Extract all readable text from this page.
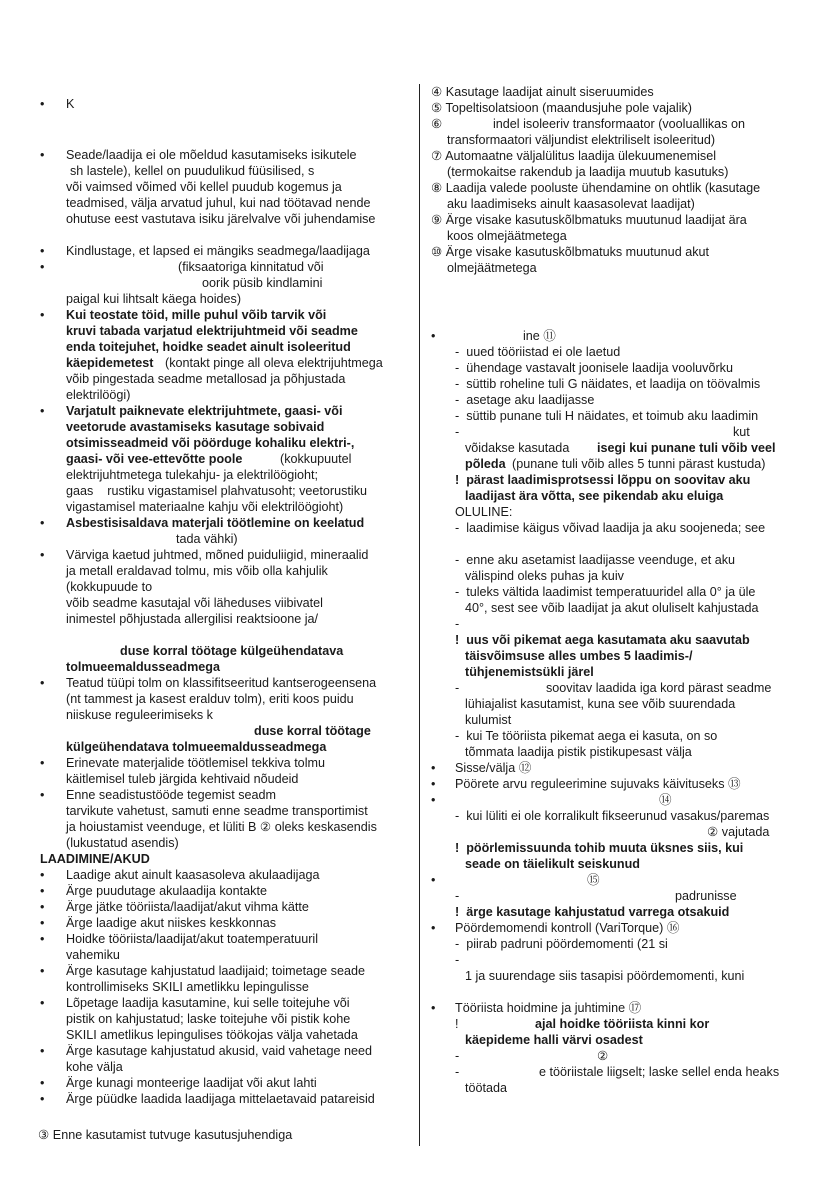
• K
• Seade/laadija ei ole mõeldud kasutamiseks isikutele
sh lastele), kellel on puudulikud füüsilised, s
või vaimsed võimed või kellel puudub kogemus ja
teadmised, välja arvatud juhul, kui nad töötavad nende
ohutuse eest vastutava isiku järelvalve või juhendamise
• Kindlustage, et lapsed ei mängiks seadmega/laadijaga
•	(fiksaatoriga kinnitatud või
oorik püsib kindlamini
paigal kui lihtsalt käega hoides)
• Kui teostate töid, mille puhul võib tarvik või
kruvi tabada varjatud elektrijuhtmeid või seadme
enda toitejuhet, hoidke seadet ainult isoleeritud
käepidemetest (kontakt pinge all oleva elektrijuhtmega
võib pingestada seadme metallosad ja põhjustada
elektrilöögi)
• Varjatult paiknevate elektrijuhtmete, gaasi- või
veetorude avastamiseks kasutage sobivaid
otsimisseadmeid või pöörduge kohaliku elektri-,
gaasi- või vee-ettevõtte poole	(kokkupuutel
elektrijuhtmetega tulekahju- ja elektrilöögioht;
gaas    rustiku vigastamisel plahvatusoht; veetorustiku
vigastamisel materiaalne kahju või elektrilöögioht)
• Asbestisisaldava materjali töötlemine on keelatud
tada vähki)
• Värviga kaetud juhtmed, mõned puiduliigid, mineraalid
ja metall eraldavad tolmu, mis võib olla kahjulik
(kokkupuude to
võib seadme kasutajal või läheduses viibivatel
inimestel põhjustada allergilisi reaktsioone ja/
duse korral töötage külgeühendatava
tolmueemaldusseadmega
• Teatud tüüpi tolm on klassifitseeritud kantserogeensena
(nt tammest ja kasest eralduv tolm), eriti koos puidu
niiskuse reguleerimiseks k
duse korral töötage
külgeühendatava tolmueemaldusseadmega
• Erinevate materjalide töötlemisel tekkiva tolmu
käitlemisel tuleb järgida kehtivaid nõudeid
• Enne seadistustööde tegemist seadm
tarvikute vahetust, samuti enne seadme transportimist
ja hoiustamist veenduge, et lüliti B ② oleks keskasendis
(lukustatud asendis)
LAADIMINE/AKUD
• Laadige akut ainult kaasasoleva akulaadijaga
• Ärge puudutage akulaadija kontakte
• Ärge jätke tööriista/laadijat/akut vihma kätte
• Ärge laadige akut niiskes keskkonnas
• Hoidke tööriista/laadijat/akut toatemperatuuril
vahemiku
• Ärge kasutage kahjustatud laadijaid; toimetage seade
kontrollimiseks SKILI ametlikku lepingulisse
• Lõpetage laadija kasutamine, kui selle toitejuhe või
pistik on kahjustatud; laske toitejuhe või pistik kohe
SKILI ametlikus lepingulises töökojas välja vahetada
• Ärge kasutage kahjustatud akusid, vaid vahetage need
kohe välja
• Ärge kunagi monteerige laadijat või akut lahti
• Ärge püüdke laadida laadijaga mittelaetavaid patareisid
③ Enne kasutamist tutvuge kasutusjuhendiga
④ Kasutage laadijat ainult siseruumides
⑤ Topeltisolatsioon (maandusjuhe pole vajalik)
⑥	indel isoleeriv transformaator (vooluallikas on
transformaatori väljundist elektriliselt isoleeritud)
⑦ Automaatne väljalülitus laadija ülekuumenemisel
(termokaitse rakendub ja laadija muutub kasutuks)
⑧ Laadija valede pooluste ühendamine on ohtlik (kasutage
aku laadimiseks ainult kaasasolevat laadijat)
⑨ Ärge visake kasutuskõlbmatuks muutunud laadijat ära
koos olmejäätmetega
⑩ Ärge visake kasutuskõlbmatuks muutunud akut
olmejäätmetega
•	ine ⑪
-  uued tööriistad ei ole laetud
-  ühendage vastavalt joonisele laadija vooluvõrku
-  süttib roheline tuli G näidates, et laadija on töövalmis
-  asetage aku laadijasse
-  süttib punane tuli H näidates, et toimub aku laadimin
-	kut
võidakse kasutada isegi kui punane tuli võib veel
põleda (punane tuli võib alles 5 tunni pärast kustuda)
!  pärast laadimisprotsessi lõppu on soovitav aku
laadijast ära võtta, see pikendab aku eluiga
OLULINE:
-  laadimise käigus võivad laadija ja aku soojeneda; see
-  enne aku asetamist laadijasse veenduge, et aku
välispind oleks puhas ja kuiv
-  tuleks vältida laadimist temperatuuridel alla 0° ja üle
40°, sest see võib laadijat ja akut oluliselt kahjustada
-
!  uus või pikemat aega kasutamata aku saavutab
täisvõimsuse alles umbes 5 laadimis-/
tühjenemistsükli järel
-	soovitav laadida iga kord pärast seadme
lühiajalist kasutamist, kuna see võib suurendada
kulumist
-  kui Te tööriista pikemat aega ei kasuta, on so
tõmmata laadija pistik pistikupesast välja
• Sisse/välja ⑫
• Pöörete arvu reguleerimine sujuvaks käivituseks ⑬
•	⑭
-  kui lüliti ei ole korralikult fikseerunud vasakus/paremas
② vajutada
!  pöörlemissuunda tohib muuta üksnes siis, kui
seade on täielikult seiskunud
•	⑮
-	padrunisse
!  ärge kasutage kahjustatud varrega otsakuid
• Pöördemomendi kontroll (VariTorque) ⑯
-  piirab padruni pöördemomenti (21 si
-
1 ja suurendage siis tasapisi pöördemomenti, kuni
• Tööriista hoidmine ja juhtimine ⑰
!	ajal hoidke tööriista kinni kor
käepideme halli värvi osadest
-	②
-	e tööriistale liigselt; laske sellel enda heaks
töötada
